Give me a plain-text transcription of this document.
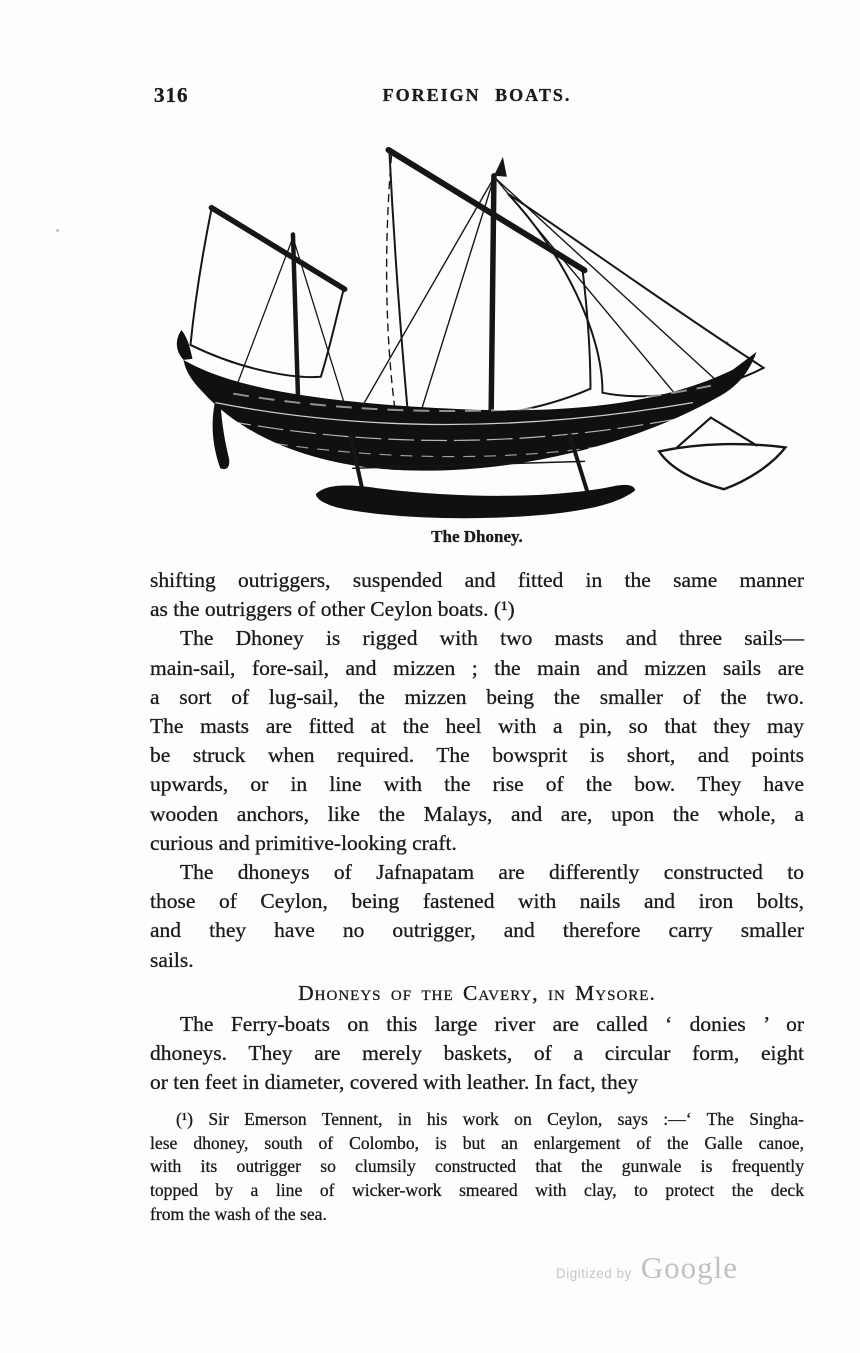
316	FOREIGN BOATS.
The Dhoney.
shifting outriggers, suspended and fitted in the same manner
as the outriggers of other Ceylon boats. (¹)
The Dhoney is rigged with two masts and three sails—
main-sail, fore-sail, and mizzen ; the main and mizzen sails are
a sort of lug-sail, the mizzen being the smaller of the two.
The masts are fitted at the heel with a pin, so that they may
be struck when required. The bowsprit is short, and points
upwards, or in line with the rise of the bow. They have
wooden anchors, like the Malays, and are, upon the whole, a
curious and primitive-looking craft.
The dhoneys of Jafnapatam are differently constructed to
those of Ceylon, being fastened with nails and iron bolts,
and they have no outrigger, and therefore carry smaller
sails.
Dhoneys of the Cavery, in Mysore.
The Ferry-boats on this large river are called ‘ donies ’ or
dhoneys. They are merely baskets, of a circular form, eight
or ten feet in diameter, covered with leather. In fact, they
(¹) Sir Emerson Tennent, in his work on Ceylon, says :—‘ The Singha-
lese dhoney, south of Colombo, is but an enlargement of the Galle canoe,
with its outrigger so clumsily constructed that the gunwale is frequently
topped by a line of wicker-work smeared with clay, to protect the deck
from the wash of the sea.
Digitized by Google
